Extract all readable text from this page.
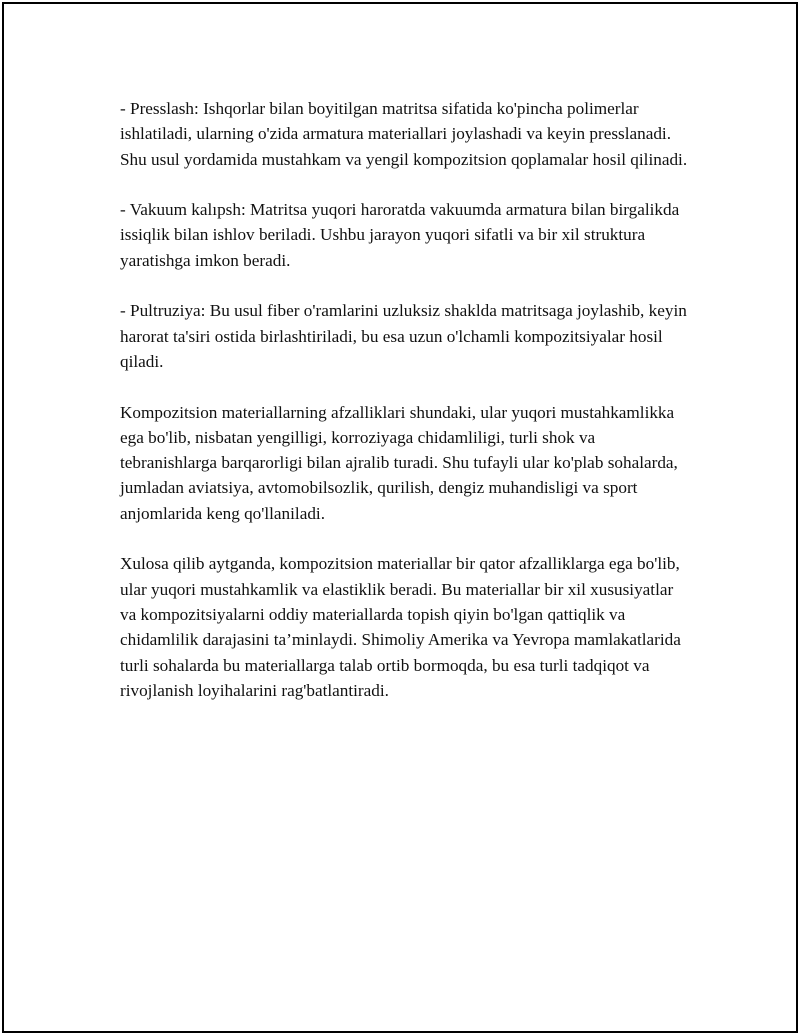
- Presslash: Ishqorlar bilan boyitilgan matritsa sifatida ko'pincha polimerlar ishlatiladi, ularning o'zida armatura materiallari joylashadi va keyin presslanadi. Shu usul yordamida mustahkam va yengil kompozitsion qoplamalar hosil qilinadi.

- Vakuum kalıpsh: Matritsa yuqori haroratda vakuumda armatura bilan birgalikda issiqlik bilan ishlov beriladi. Ushbu jarayon yuqori sifatli va bir xil struktura yaratishga imkon beradi.

- Pultruziya: Bu usul fiber o'ramlarini uzluksiz shaklda matritsaga joylashib, keyin harorat ta'siri ostida birlashtiriladi, bu esa uzun o'lchamli kompozitsiyalar hosil qiladi.

Kompozitsion materiallarning afzalliklari shundaki, ular yuqori mustahkamlikka ega bo'lib, nisbatan yengilligi, korroziyaga chidamliligi, turli shok va tebranishlarga barqarorligi bilan ajralib turadi. Shu tufayli ular ko'plab sohalarda, jumladan aviatsiya, avtomobilsozlik, qurilish, dengiz muhandisligi va sport anjomlarida keng qo'llaniladi.

Xulosa qilib aytganda, kompozitsion materiallar bir qator afzalliklarga ega bo'lib, ular yuqori mustahkamlik va elastiklik beradi. Bu materiallar bir xil xususiyatlar va kompozitsiyalarni oddiy materiallarda topish qiyin bo'lgan qattiqlik va chidamlilik darajasini ta’minlaydi. Shimoliy Amerika va Yevropa mamlakatlarida turli sohalarda bu materiallarga talab ortib bormoqda, bu esa turli tadqiqot va rivojlanish loyihalarini rag'batlantiradi.
